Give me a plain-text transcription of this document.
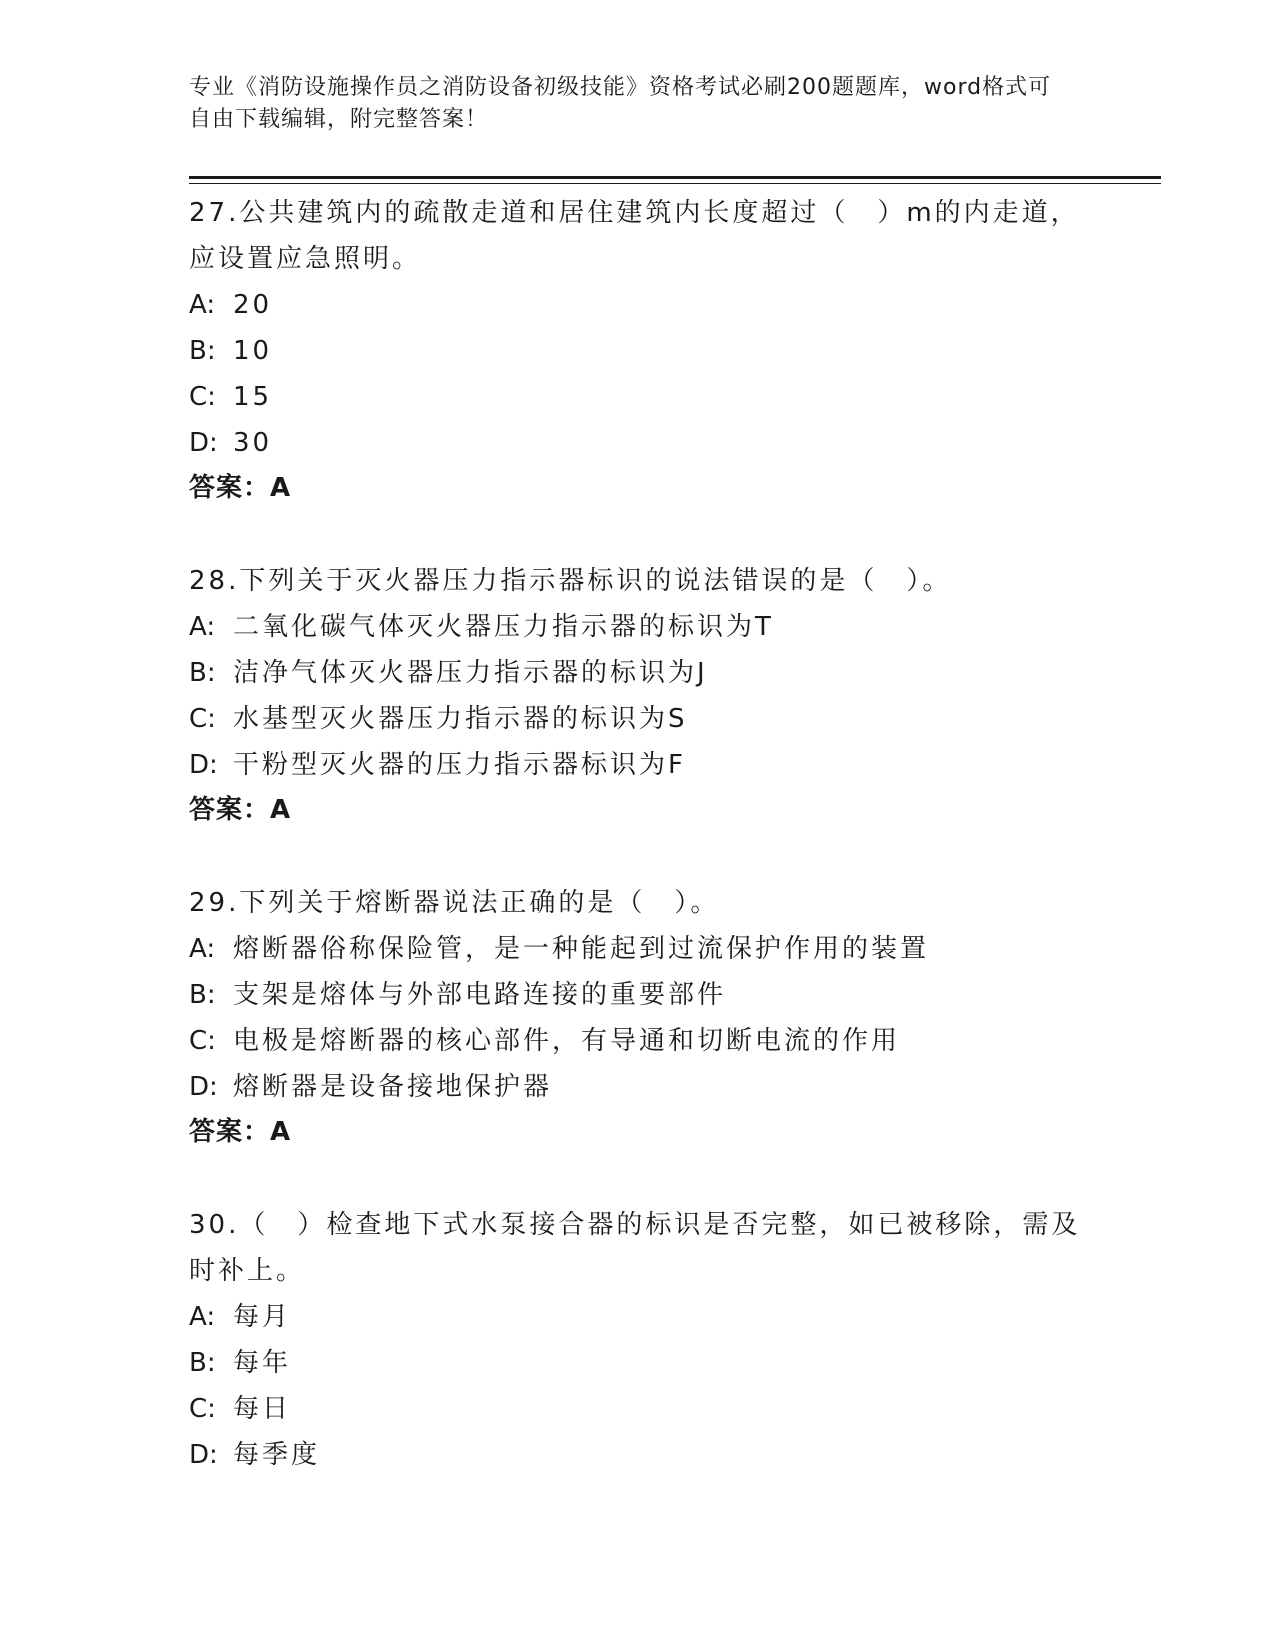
专业《消防设施操作员之消防设备初级技能》资格考试必刷200题题库，word格式可自由下载编辑，附完整答案！
27.公共建筑内的疏散走道和居住建筑内长度超过（　）m的内走道，应设置应急照明。
A: 20
B: 10
C: 15
D: 30
答案：A
28.下列关于灭火器压力指示器标识的说法错误的是（　）。
A: 二氧化碳气体灭火器压力指示器的标识为T
B: 洁净气体灭火器压力指示器的标识为J
C: 水基型灭火器压力指示器的标识为S
D: 干粉型灭火器的压力指示器标识为F
答案：A
29.下列关于熔断器说法正确的是（　）。
A: 熔断器俗称保险管，是一种能起到过流保护作用的装置
B: 支架是熔体与外部电路连接的重要部件
C: 电极是熔断器的核心部件，有导通和切断电流的作用
D: 熔断器是设备接地保护器
答案：A
30.（　）检查地下式水泵接合器的标识是否完整，如已被移除，需及时补上。
A: 每月
B: 每年
C: 每日
D: 每季度
